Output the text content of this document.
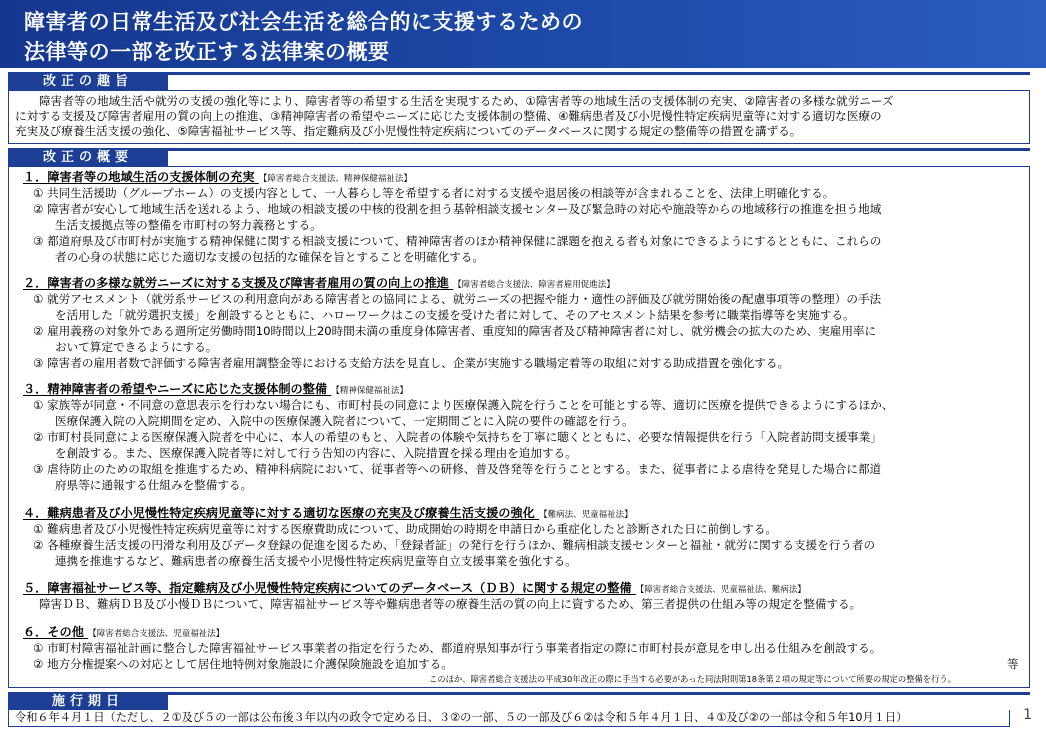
障害者の日常生活及び社会生活を総合的に支援するための
法律等の一部を改正する法律案の概要
改正の趣旨
障害者等の地域生活や就労の支援の強化等により、障害者等の希望する生活を実現するため、①障害者等の地域生活の支援体制の充実、②障害者の多様な就労ニーズ
に対する支援及び障害者雇用の質の向上の推進、③精神障害者の希望やニーズに応じた支援体制の整備、④難病患者及び小児慢性特定疾病児童等に対する適切な医療の
充実及び療養生活支援の強化、⑤障害福祉サービス等、指定難病及び小児慢性特定疾病についてのデータベースに関する規定の整備等の措置を講ずる。
改正の概要
１．障害者等の地域生活の支援体制の充実 【障害者総合支援法、精神保健福祉法】
① 共同生活援助（グループホーム）の支援内容として、一人暮らし等を希望する者に対する支援や退居後の相談等が含まれることを、法律上明確化する。
② 障害者が安心して地域生活を送れるよう、地域の相談支援の中核的役割を担う基幹相談支援センター及び緊急時の対応や施設等からの地域移行の推進を担う地域
生活支援拠点等の整備を市町村の努力義務とする。
③ 都道府県及び市町村が実施する精神保健に関する相談支援について、精神障害者のほか精神保健に課題を抱える者も対象にできるようにするとともに、これらの
者の心身の状態に応じた適切な支援の包括的な確保を旨とすることを明確化する。
２．障害者の多様な就労ニーズに対する支援及び障害者雇用の質の向上の推進 【障害者総合支援法、障害者雇用促進法】
① 就労アセスメント（就労系サービスの利用意向がある障害者との協同による、就労ニーズの把握や能力・適性の評価及び就労開始後の配慮事項等の整理）の手法
を活用した「就労選択支援」を創設するとともに、ハローワークはこの支援を受けた者に対して、そのアセスメント結果を参考に職業指導等を実施する。
② 雇用義務の対象外である週所定労働時間10時間以上20時間未満の重度身体障害者、重度知的障害者及び精神障害者に対し、就労機会の拡大のため、実雇用率に
おいて算定できるようにする。
③ 障害者の雇用者数で評価する障害者雇用調整金等における支給方法を見直し、企業が実施する職場定着等の取組に対する助成措置を強化する。
３．精神障害者の希望やニーズに応じた支援体制の整備 【精神保健福祉法】
① 家族等が同意・不同意の意思表示を行わない場合にも、市町村長の同意により医療保護入院を行うことを可能とする等、適切に医療を提供できるようにするほか、
医療保護入院の入院期間を定め、入院中の医療保護入院者について、一定期間ごとに入院の要件の確認を行う。
② 市町村長同意による医療保護入院者を中心に、本人の希望のもと、入院者の体験や気持ちを丁寧に聴くとともに、必要な情報提供を行う「入院者訪問支援事業」
を創設する。また、医療保護入院者等に対して行う告知の内容に、入院措置を採る理由を追加する。
③ 虐待防止のための取組を推進するため、精神科病院において、従事者等への研修、普及啓発等を行うこととする。また、従事者による虐待を発見した場合に都道
府県等に通報する仕組みを整備する。
４．難病患者及び小児慢性特定疾病児童等に対する適切な医療の充実及び療養生活支援の強化 【難病法、児童福祉法】
① 難病患者及び小児慢性特定疾病児童等に対する医療費助成について、助成開始の時期を申請日から重症化したと診断された日に前倒しする。
② 各種療養生活支援の円滑な利用及びデータ登録の促進を図るため、「登録者証」の発行を行うほか、難病相談支援センターと福祉・就労に関する支援を行う者の
連携を推進するなど、難病患者の療養生活支援や小児慢性特定疾病児童等自立支援事業を強化する。
５．障害福祉サービス等、指定難病及び小児慢性特定疾病についてのデータベース（ＤＢ）に関する規定の整備 【障害者総合支援法、児童福祉法、難病法】
障害ＤＢ、難病ＤＢ及び小慢ＤＢについて、障害福祉サービス等や難病患者等の療養生活の質の向上に資するため、第三者提供の仕組み等の規定を整備する。
６．その他 【障害者総合支援法、児童福祉法】
① 市町村障害福祉計画に整合した障害福祉サービス事業者の指定を行うため、都道府県知事が行う事業者指定の際に市町村長が意見を申し出る仕組みを創設する。
② 地方分権提案への対応として居住地特例対象施設に介護保険施設を追加する。	等
このほか、障害者総合支援法の平成30年改正の際に手当する必要があった同法附則第18条第２項の規定等について所要の規定の整備を行う。
施行期日
令和６年４月１日（ただし、２①及び５の一部は公布後３年以内の政令で定める日、３②の一部、５の一部及び６②は令和５年４月１日、４①及び②の一部は令和５年10月１日）	1
